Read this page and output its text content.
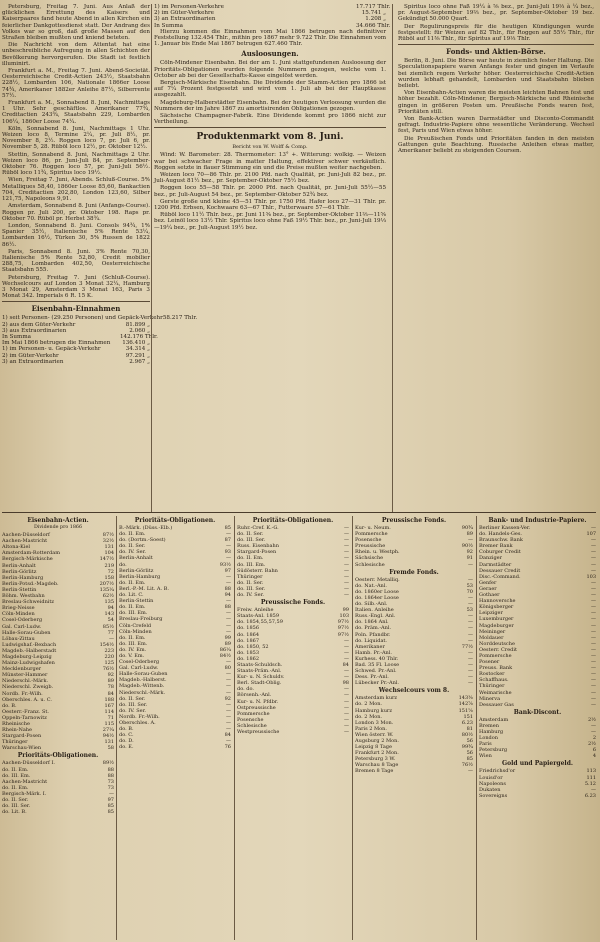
Petersburg, Freitag 7. Juni. Aus Anlaß der glücklichen Errettung des Kaisers und Kaiserpaares fand heute Abend in allen Kirchen ein feierlicher Dankgottesdienst statt. Der Andrang des Volkes war so groß, daß große Massen auf den Straßen bleiben mußten und kniend beteten.

Die Nachricht von dem Attentat hat eine unbeschreibliche Aufregung in allen Schichten der Bevölkerung hervorgerufen. Die Stadt ist festlich illuminirt.

Frankfurt a. M., Freitag 7. Juni. Abend-Societät. Oesterreichische Credit-Actien 243½, Staatsbahn 228½, Lombarden 106, Nationale 1866er Loose 74¾, Amerikaner 1882er Anleihe 87½, Silberrente 57½.

Frankfurt a. M., Sonnabend 8. Juni, Nachmittags 1 Uhr. Sehr geschäftlos. Amerikaner 77¾, Creditactien 243¾, Staatsbahn 229, Lombarden 106¼, 1860er Loose 74¼.

Köln, Sonnabend 8. Juni, Nachmittags 1 Uhr. Weizen loco 8, Termine 2¼, pr. Juli 8½, pr. November 8, 2½. Roggen loco 7, pr. Juli 6, pr. November 5, 28. Rüböl loco 12½, pr. Oktober 12½.

Stettin, Sonnabend 8. Juni, Nachmittags 2 Uhr. Weizen loco 86, pr. Juni-Juli 84, pr. September-Oktober 76. Roggen loco 57, pr. Juni-Juli 56½. Rüböl loco 11¾, Spiritus loco 19½.

Wien, Freitag 7. Juni, Abends. Schluß-Course. 5% Metalliques 58,40, 1860er Loose 85,60, Bankactien 704, Creditactien 202,80, London 123,60, Silber 121,75, Napoleons 9,91.

Amsterdam, Sonnabend 8. Juni (Anfangs-Course). Roggen pr. Juli 200, pr. Oktober 198. Raps pr. Oktober 70. Rüböl pr. Herbst 38¾.

London, Sonnabend 8. Juni. Consols 94¾, 1% Spanier 35½, Italienische 5% Rente 53¼, Lombarden 16½, Türken 30, 5% Russen de 1822 86½.

Paris, Sonnabend 8. Juni. 3% Rente 70,30, Italienische 5% Rente 52,80, Credit mobilier 288,75, Lombarden 402,50, Oesterreichische Staatsbahn 555.

Petersburg, Freitag 7. Juni (Schluß-Course). Wechselcours auf London 3 Monat 32¼, Hamburg 3 Monat 29, Amsterdam 3 Monat 163, Paris 3 Monat 342. Imperials 6 R. 15 K.

Eisenbahn-Einnahmen
1) seit Personen- (29.250 Personen) und Gepäck-Verkehr 58.217 Thlr.
2) aus dem Güter-Verkehr	81.899 „
3) aus Extraordinarien	2.060 „
In Summa	142.176 Thlr.
Im Mai 1866 betrugen die Einnahmen	136.410 „
1) im Personen- u. Gepäck-Verkehr	34.314 „
2) im Güter-Verkehr	97.291 „
3) an Extraordinarien	2.967 „
1) im Personen-Verkehre	17.717 Thlr.
2) im Güter-Verkehre	15.741 „
3) an Extraordinarien	1.208 „
In Summa	34.666 Thlr.

Hierzu kommen die Einnahmen vom Mai 1866 betrugen nach definitiver Feststellung 132.454 Thlr., mithin pro 1867 mehr 9.722 Thlr. Die Einnahmen vom 1. Januar bis Ende Mai 1867 betrugen 627.460 Thlr.

Ausloosungen.

Cöln-Mindener Eisenbahn. Bei der am 1. Juni stattgefundenen Ausloosung der Prioritäts-Obligationen wurden folgende Nummern gezogen, welche vom 1. October ab bei der Gesellschafts-Kasse eingelöst werden.

Bergisch-Märkische Eisenbahn. Die Dividende der Stamm-Actien pro 1866 ist auf 7¼ Prozent festgesetzt und wird vom 1. Juli ab bei der Hauptkasse ausgezahlt.

Magdeburg-Halberstädter Eisenbahn. Bei der heutigen Verloosung wurden die Nummern der im Jahre 1867 zu amortisirenden Obligationen gezogen.

Sächsische Champagner-Fabrik. Eine Dividende kommt pro 1866 nicht zur Vertheilung.

Produktenmarkt vom 8. Juni.
Bericht von W. Wolff & Comp.

Wind: W. Barometer: 28. Thermometer: 13° +. Witterung: wolkig. — Weizen war bei schwacher Frage in matter Haltung, effektiver schwer verkäuflich. Roggen setzte in flauer Stimmung ein und die Preise mußten weiter nachgeben.

Weizen loco 70—86 Thlr. pr. 2100 Pfd. nach Qualität, pr. Juni-Juli 82 bez., pr. Juli-August 81½ bez., pr. September-Oktober 75½ bez.

Roggen loco 55—58 Thlr. pr. 2000 Pfd. nach Qualität, pr. Juni-Juli 55½—55 bez., pr. Juli-August 54 bez., pr. September-Oktober 52¾ bez.

Gerste große und kleine 45—51 Thlr. pr. 1750 Pfd. Hafer loco 27—31 Thlr. pr. 1200 Pfd. Erbsen, Kochwaare 63—67 Thlr., Futterwaare 57—61 Thlr.

Rüböl loco 11½ Thlr. bez., pr. Juni 11⅜ bez., pr. September-Oktober 11⅔—11⅝ bez. Leinöl loco 13½ Thlr. Spiritus loco ohne Faß 19½ Thlr. bez., pr. Juni-Juli 19⅓—19¼ bez., pr. Juli-August 19½ bez.

Spiritus loco ohne Faß 19¼ à ⅝ bez., pr. Juni-Juli 19⅓ à ¼ bez., pr. August-September 19⅔ bez., pr. September-Oktober 19 bez. Gekündigt 50.000 Quart.

Der Regulirungspreis für die heutigen Kündigungen wurde festgestellt: für Weizen auf 82 Thlr., für Roggen auf 55½ Thlr., für Rüböl auf 11⅜ Thlr., für Spiritus auf 19⅓ Thlr.

Fonds- und Aktien-Börse.

Berlin, 8. Juni. Die Börse war heute in ziemlich fester Haltung. Die Speculationspapiere waren Anfangs fester und gingen im Verlaufe bei ziemlich regem Verkehr höher. Oesterreichische Credit-Actien wurden lebhaft gehandelt, Lombarden und Staatsbahn blieben beliebt.

Von Eisenbahn-Actien waren die meisten leichten Bahnen fest und höher bezahlt. Cöln-Mindener, Bergisch-Märkische und Rheinische gingen in größeren Posten um. Preußische Fonds waren fest, Prioritäten still.

Von Bank-Actien waren Darmstädter und Disconto-Commandit gefragt. Industrie-Papiere ohne wesentliche Veränderung. Wechsel fest, Paris und Wien etwas höher.

Die Preußischen Fonds und Prioritäten fanden in den meisten Gattungen gute Beachtung. Russische Anleihen etwas matter, Amerikaner beliebt zu steigenden Coursen.

Eisenbahn-Actien.
Dividende pro 1866
Aachen-Düsseldorf	87½
Aachen-Mastricht	32½
Altona-Kiel	131
Amsterdam-Rotterdam	104
Bergisch-Märkische	147½
Berlin-Anhalt	219
Berlin-Görlitz	72
Berlin-Hamburg	158
Berlin-Potsd.-Magdeb.	207½
Berlin-Stettin	135¼
Böhm. Westbahn	62½
Breslau-Schweidnitz	135
Brieg-Neisse	94
Cöln-Minden	143
Cosel-Oderberg	54
Gal. Carl-Ludw.	85½
Halle-Sorau-Guben	77
Löbau-Zittau	—
Ludwigshaf.-Bexbach	154½
Magdeb.-Halberstadt	223
Magdeburg-Leipzig	220
Mainz-Ludwigshafen	125
Mecklenburger	76½
Münster-Hammer	92
Niederschl.-Märk.	89
Niederschl. Zweigb.	78
Nordb. Fr.-Wilh.	84
Oberschles. A. u. C.	188
do. B.	167
Oesterr.-Franz. St.	114
Oppeln-Tarnowitz	71
Rheinische	115
Rhein-Nahe	27¼
Stargard-Posen	94½
Thüringer	131
Warschau-Wien	58
Prioritäts-Obligationen.
Aachen-Düsseldorf I.	89½
do. II. Em.	88
do. III. Em.	88
Aachen-Mastricht	73
do. II. Em.	73
Bergisch-Märk. I.	—
do. II. Ser.	97
do. III. Ser.	85
do. Lit. B.	85
Prioritäts-Obligationen.
B.-Märk. (Düss.-Elb.)	85
do. II. Em.	—
do. (Dortm.-Soest)	87
do. II. Ser.	—
do. IV. Ser.	93
Berlin-Anhalt	—
do.	93½
Berlin-Görlitz	97
Berlin-Hamburg	—
do. II. Em.	—
Berl.-P.-M. Lit. A. B.	88
do. Lit. C.	94
Berlin-Stettin	—
do. II. Em.	88
do. III. Em.	—
Breslau-Freiburg	—
Cöln-Crefeld	—
Cöln-Minden	—
do. II. Em.	99
do. III. Em.	89
do. IV. Em.	86¼
do. V. Em.	84½
Cosel-Oderberg	—
Gal. Carl-Ludw.	80
Halle-Sorau-Guben	—
Magdeb.-Halberst.	—
Magdeb.-Wittenb.	—
Niederschl.-Märk.	—
do. II. Ser.	92
do. III. Ser.	—
do. IV. Ser.	—
Nordb. Fr.-Wilh.	—
Oberschles. A.	—
do. B.	—
do. C.	84
do. D.	—
do. E.	76
Prioritäts-Obligationen.
Ruhr.-Cref. K.-G.	—
do. II. Ser.	—
do. III. Ser.	—
Russ. Eisenbahn	—
Stargard-Posen	—
do. II. Em.	—
do. III. Em.	—
Südösterr. Bahn	—
Thüringer	—
do. II. Ser.	—
do. III. Ser.	—
do. IV. Ser.	—
Preussische Fonds.
Freiw. Anleihe	99
Staats-Anl. 1859	103
do. 1854,55,57,59	97½
do. 1856	97½
do. 1864	97½
do. 1867	—
do. 1850, 52	—
do. 1853	—
do. 1862	—
Staats-Schuldsch.	84
Staats-Präm.-Anl.	—
Kur- u. N. Schuldv.	—
Berl. Stadt-Oblig.	98
do. do.	—
Börsenh.-Anl.	—
Kur- u. N. Pfdbr.	—
Ostpreussische	—
Pommersche	—
Posensche	—
Schlesische	—
Westpreussische	—
Preussische Fonds.
Kur- u. Neum.	90¾
Pommersche	89
Posensche	—
Preussische	90½
Rhein. u. Westph.	92
Sächsische	91
Schlesische	—
Fremde Fonds.
Oesterr. Metalliq.	—
do. Nat.-Anl.	53
do. 1860er Loose	70
do. 1864er Loose	—
do. Silb.-Anl.	—
Italien. Anleihe	53
Russ.-Engl. Anl.	—
do. 1864 Anl.	—
do. Präm.-Anl.	—
Poln. Pfandbr.	—
do. Liquidat.	—
Amerikaner	77½
Hamb. Pr.-Anl.	—
Kurhess. 40 Thlr.	—
Bad. 35 Fl. Loose	—
Schwed. Pr.-Anl.	—
Dess. Pr.-Anl.	—
Lübecker Pr.-Anl.	—
Wechselcours vom 8.
Amsterdam kurz	143⅜
do. 2 Mon.	142⅞
Hamburg kurz	151⅝
do. 2 Mon.	151
London 3 Mon.	6.23
Paris 2 Mon.	81
Wien österr. W.	80½
Augsburg 2 Mon.	56
Leipzig 8 Tage	99¾
Frankfurt 2 Mon.	56
Petersburg 3 W.	85
Warschau 8 Tage	76½
Bremen 8 Tage	—
Bank- und Industrie-Papiere.
Berliner Kassen-Ver.	—
do. Handels-Ges.	107
Braunschw. Bank	—
Bremer Bank	—
Coburger Credit	—
Danziger	—
Darmstädter	—
Dessauer Credit	—
Disc.-Command.	103
Genfer	—
Geraer	—
Gothaer	—
Hannoversche	—
Königsberger	—
Leipziger	—
Luxemburger	—
Magdeburger	—
Meininger	—
Moldauer	—
Norddeutsche	—
Oesterr. Credit	—
Pommersche	—
Posener	—
Preuss. Bank	—
Rostocker	—
Schaffhaus.	—
Thüringer	—
Weimarische	—
Minerva	—
Dessauer Gas	—
Bank-Discont.
Amsterdam	2½
Bremen	—
Hamburg	—
London	2
Paris	2½
Petersburg	6
Wien	4
Gold und Papiergeld.
Friedrichsd'or	113
Louisd'or	111
Napoleons	5.12
Dukaten	—
Sovereigns	6.23
